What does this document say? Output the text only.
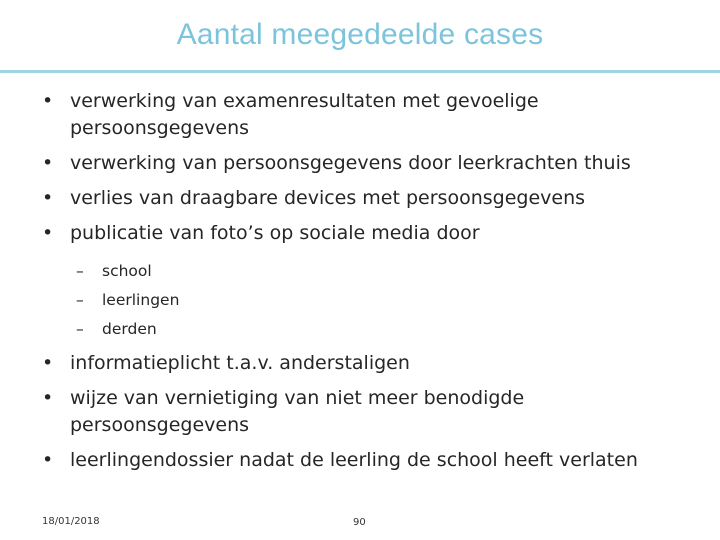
Aantal meegedeelde cases
• verwerking van examenresultaten met gevoelige persoonsgegevens
• verwerking van persoonsgegevens door leerkrachten thuis
• verlies van draagbare devices met persoonsgegevens
• publicatie van foto’s op sociale media door
– school
– leerlingen
– derden
• informatieplicht t.a.v. anderstaligen
• wijze van vernietiging van niet meer benodigde persoonsgegevens
• leerlingendossier nadat de leerling de school heeft verlaten
18/01/2018	90
